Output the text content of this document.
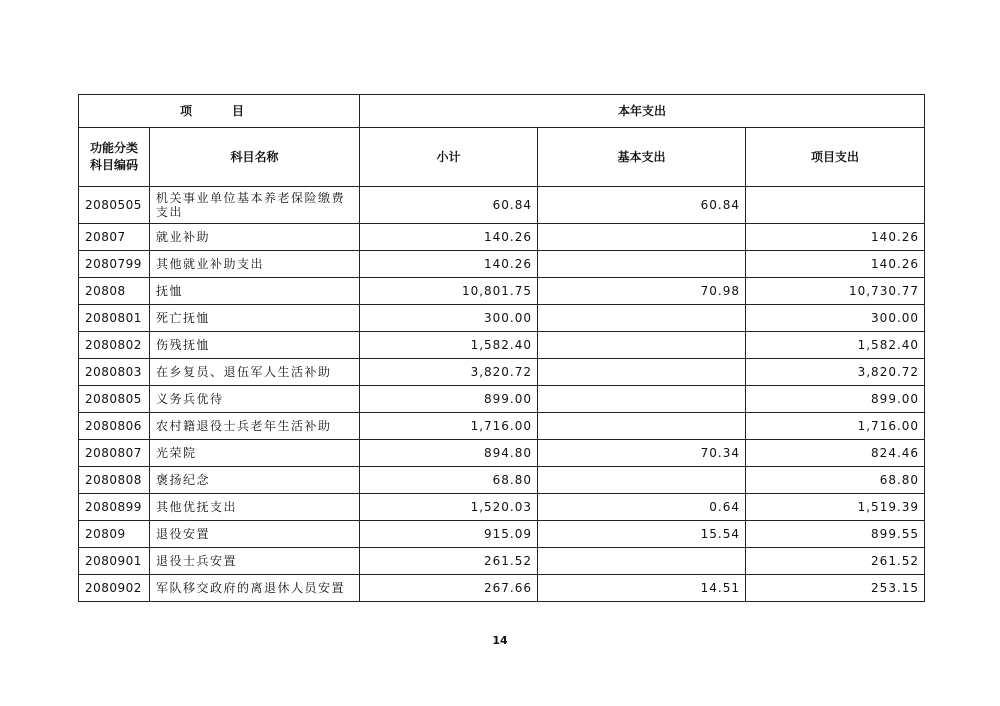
项　目		本年支出		

功能分类
科目编码	科目名称	小计	基本支出	项目支出
2080505	机关事业单位基本养老保险缴费支出	60.84	60.84	
20807	就业补助	140.26		140.26
2080799	其他就业补助支出	140.26		140.26
20808	抚恤	10,801.75	70.98	10,730.77
2080801	死亡抚恤	300.00		300.00
2080802	伤残抚恤	1,582.40		1,582.40
2080803	在乡复员、退伍军人生活补助	3,820.72		3,820.72
2080805	义务兵优待	899.00		899.00
2080806	农村籍退役士兵老年生活补助	1,716.00		1,716.00
2080807	光荣院	894.80	70.34	824.46
2080808	褒扬纪念	68.80		68.80
2080899	其他优抚支出	1,520.03	0.64	1,519.39
20809	退役安置	915.09	15.54	899.55
2080901	退役士兵安置	261.52		261.52
2080902	军队移交政府的离退休人员安置	267.66	14.51	253.15
14
